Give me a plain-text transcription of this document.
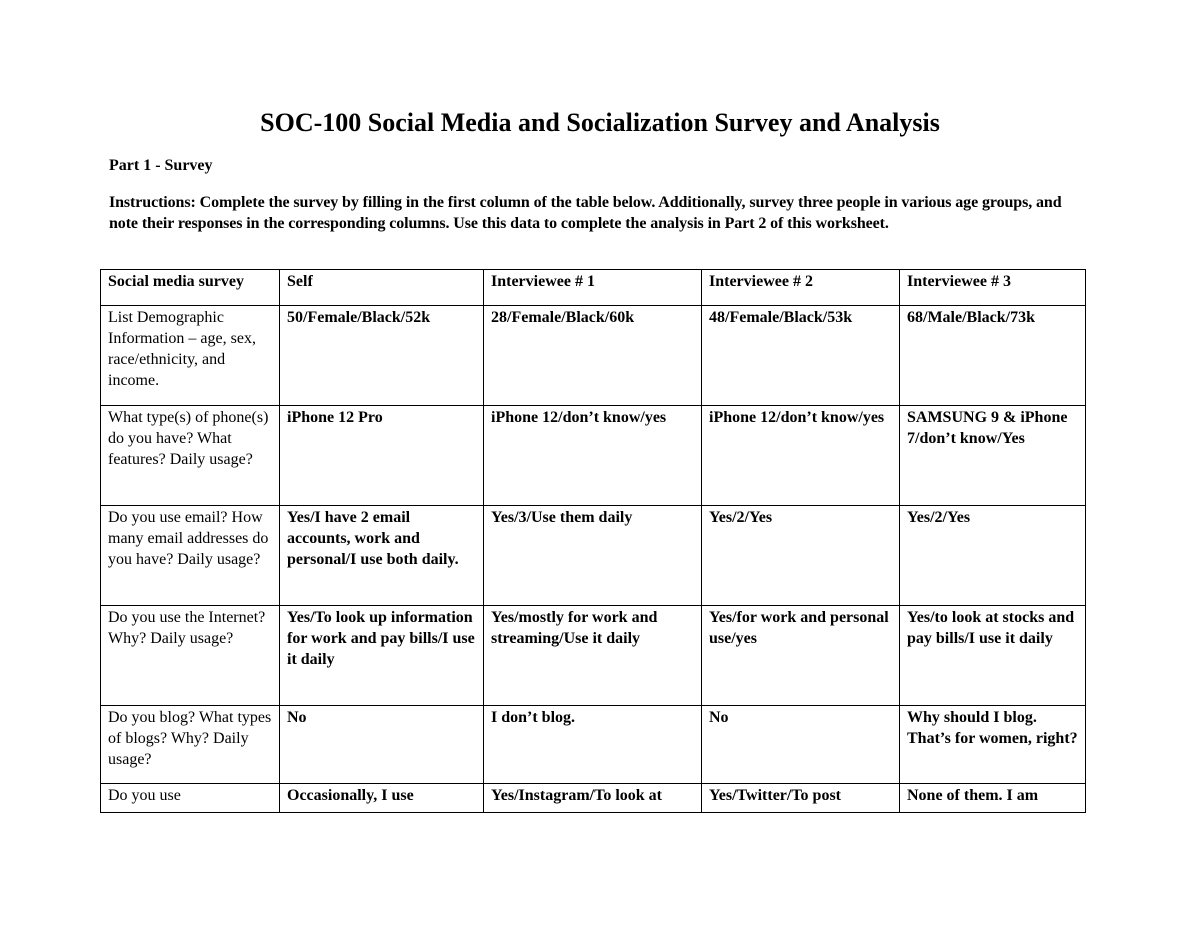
SOC-100 Social Media and Socialization Survey and Analysis

Part 1 - Survey

Instructions: Complete the survey by filling in the first column of the table below. Additionally, survey three people in various age groups, and note their responses in the corresponding columns. Use this data to complete the analysis in Part 2 of this worksheet.

Social media survey	Self	Interviewee # 1	Interviewee # 2	Interviewee # 3
List Demographic Information – age, sex, race/ethnicity, and income.	50/Female/Black/52k	28/Female/Black/60k	48/Female/Black/53k	68/Male/Black/73k
What type(s) of phone(s) do you have? What features? Daily usage?	iPhone 12 Pro	iPhone 12/don’t know/yes	iPhone 12/don’t know/yes	SAMSUNG 9 & iPhone 7/don’t know/Yes
Do you use email? How many email addresses do you have? Daily usage?	Yes/I have 2 email accounts, work and personal/I use both daily.	Yes/3/Use them daily	Yes/2/Yes	Yes/2/Yes
Do you use the Internet? Why? Daily usage?	Yes/To look up information for work and pay bills/I use it daily	Yes/mostly for work and streaming/Use it daily	Yes/for work and personal use/yes	Yes/to look at stocks and pay bills/I use it daily
Do you blog? What types of blogs? Why? Daily usage?	No	I don’t blog.	No	Why should I blog. That’s for women, right?
Do you use	Occasionally, I use	Yes/Instagram/To look at	Yes/Twitter/To post	None of them. I am
